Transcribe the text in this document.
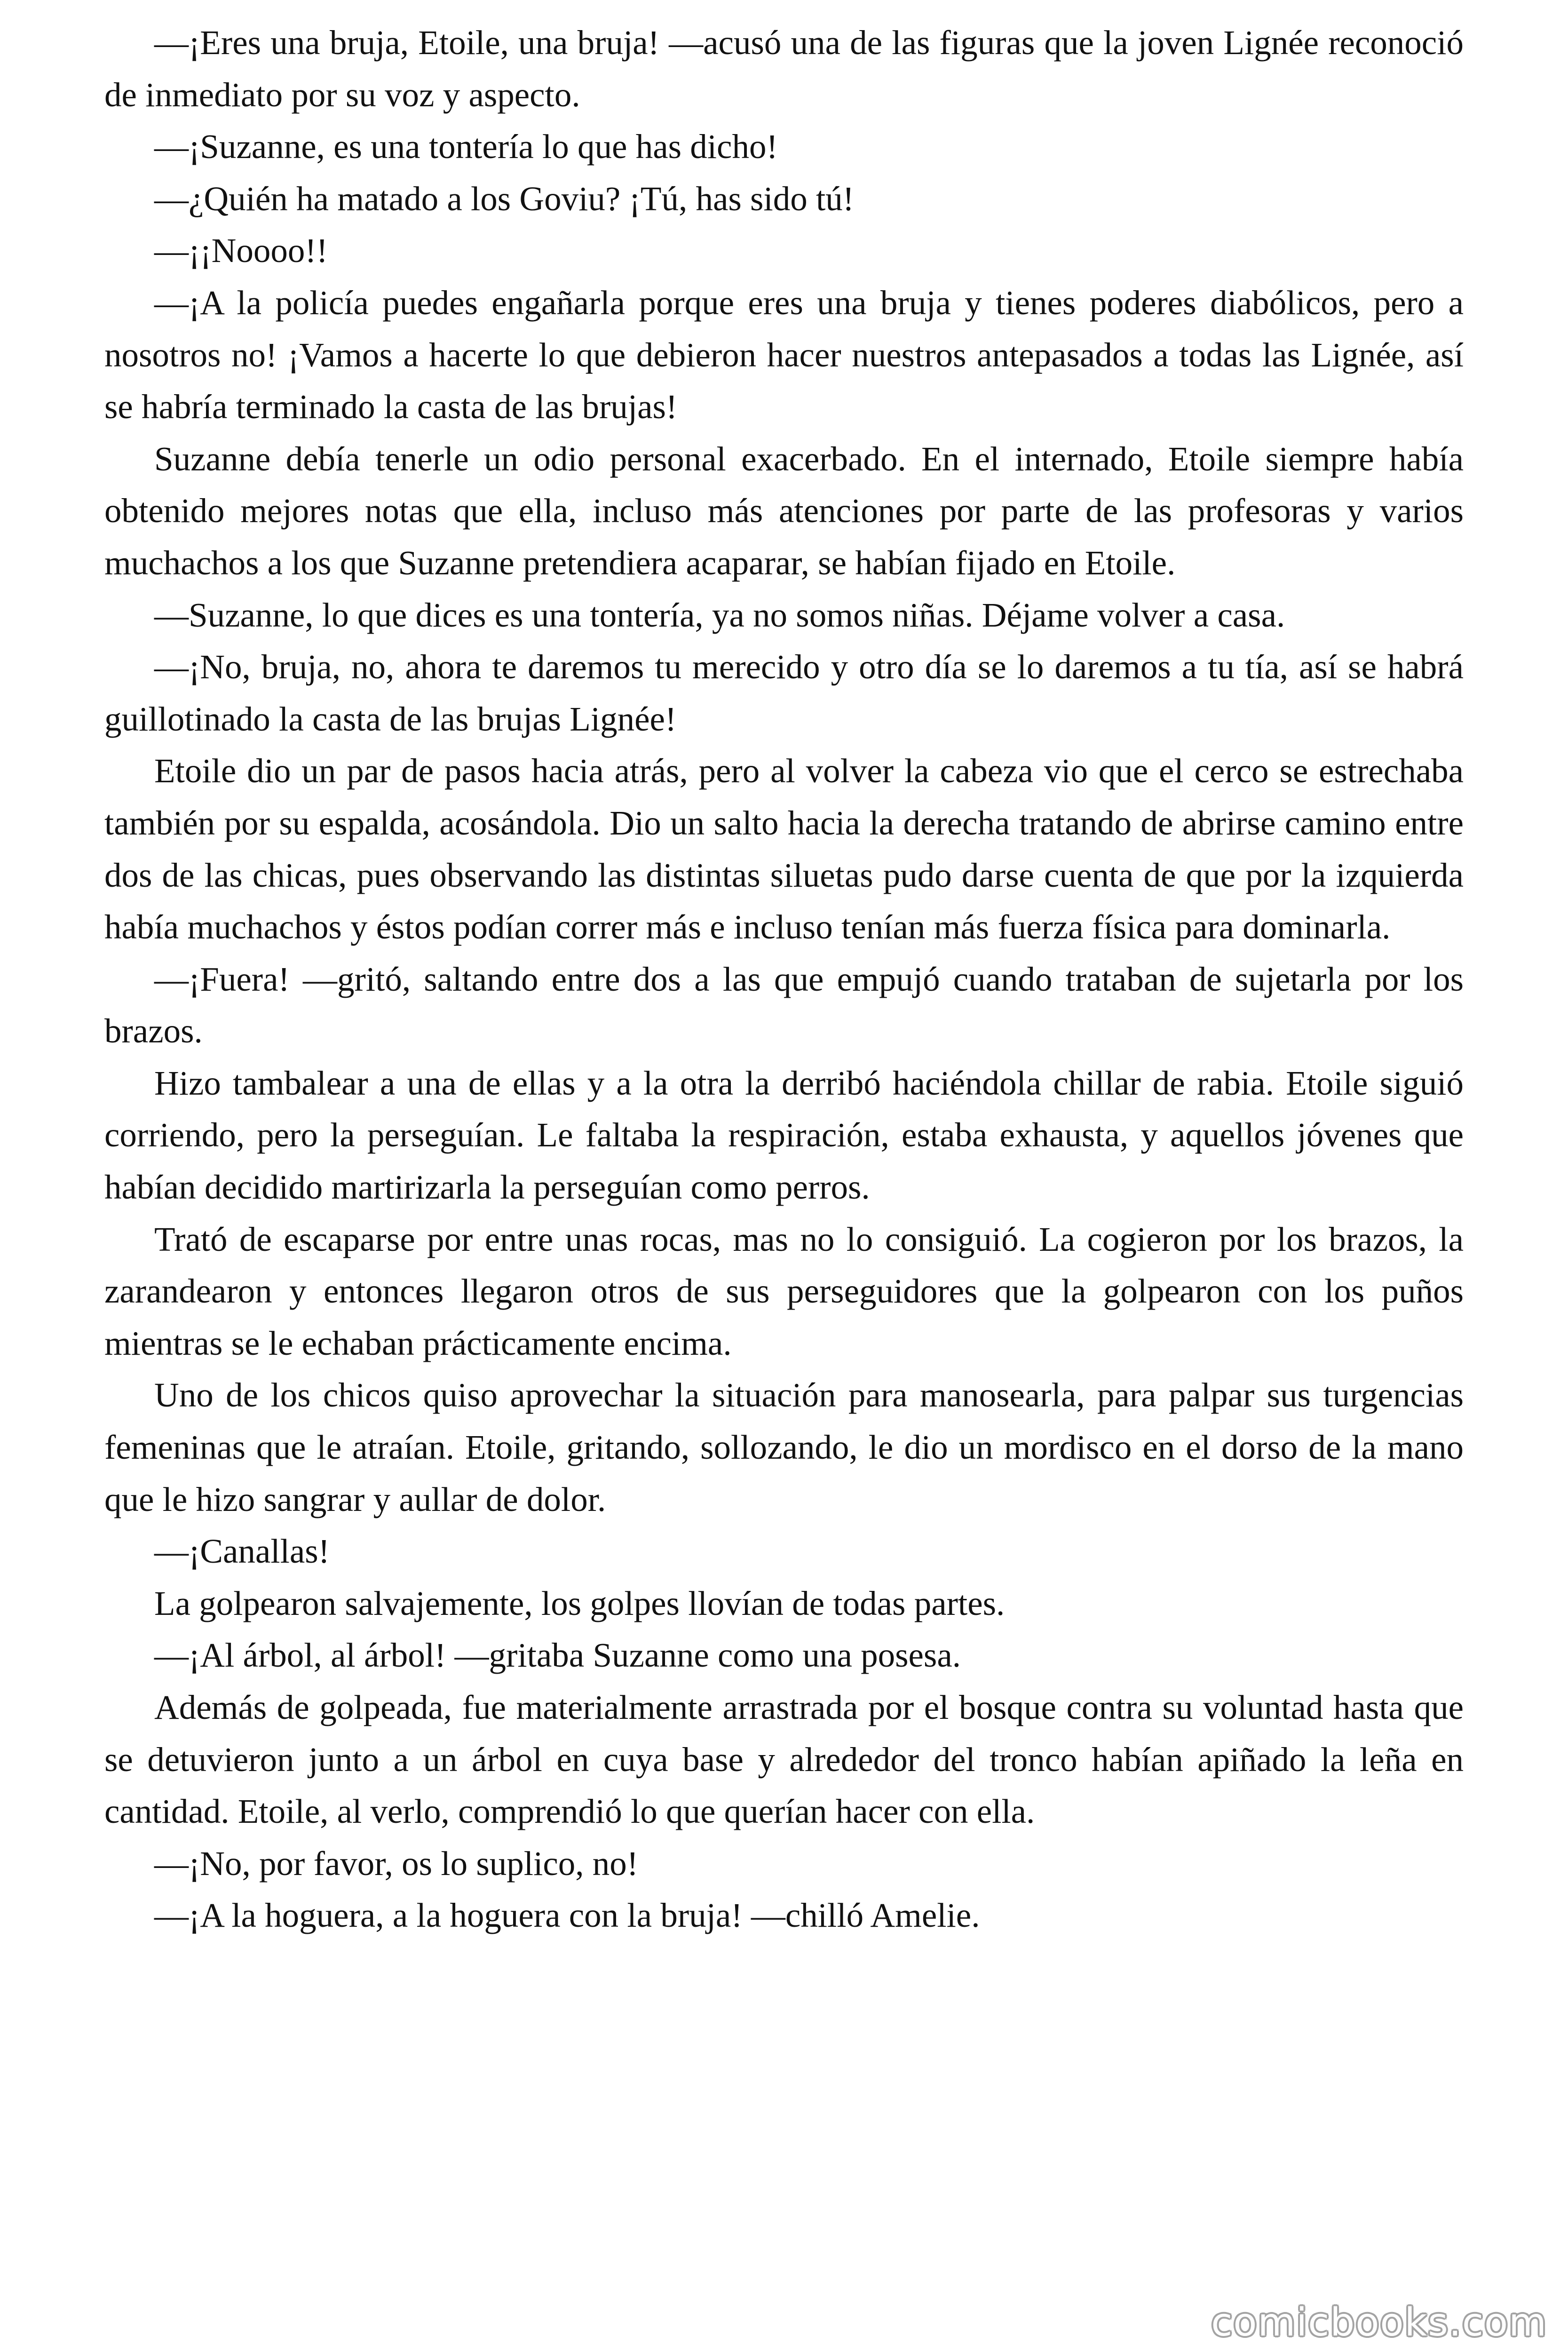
—¡Eres una bruja, Etoile, una bruja! —acusó una de las figuras que la joven Lignée reconoció de inmediato por su voz y aspecto.

—¡Suzanne, es una tontería lo que has dicho!

—¿Quién ha matado a los Goviu? ¡Tú, has sido tú!

—¡¡Noooo!!

—¡A la policía puedes engañarla porque eres una bruja y tienes poderes diabólicos, pero a nosotros no! ¡Vamos a hacerte lo que debieron hacer nuestros antepasados a todas las Lignée, así se habría terminado la casta de las brujas!

Suzanne debía tenerle un odio personal exacerbado. En el internado, Etoile siempre había obtenido mejores notas que ella, incluso más atenciones por parte de las profesoras y varios muchachos a los que Suzanne pretendiera acaparar, se habían fijado en Etoile.

—Suzanne, lo que dices es una tontería, ya no somos niñas. Déjame volver a casa.

—¡No, bruja, no, ahora te daremos tu merecido y otro día se lo daremos a tu tía, así se habrá guillotinado la casta de las brujas Lignée!

Etoile dio un par de pasos hacia atrás, pero al volver la cabeza vio que el cerco se estrechaba también por su espalda, acosándola. Dio un salto hacia la derecha tratando de abrirse camino entre dos de las chicas, pues observando las distintas siluetas pudo darse cuenta de que por la izquierda había muchachos y éstos podían correr más e incluso tenían más fuerza física para dominarla.

—¡Fuera! —gritó, saltando entre dos a las que empujó cuando trataban de sujetarla por los brazos.

Hizo tambalear a una de ellas y a la otra la derribó haciéndola chillar de rabia. Etoile siguió corriendo, pero la perseguían. Le faltaba la respiración, estaba exhausta, y aquellos jóvenes que habían decidido martirizarla la perseguían como perros.

Trató de escaparse por entre unas rocas, mas no lo consiguió. La cogieron por los brazos, la zarandearon y entonces llegaron otros de sus perseguidores que la golpearon con los puños mientras se le echaban prácticamente encima.

Uno de los chicos quiso aprovechar la situación para manosearla, para palpar sus turgencias femeninas que le atraían. Etoile, gritando, sollozando, le dio un mordisco en el dorso de la mano que le hizo sangrar y aullar de dolor.

—¡Canallas!

La golpearon salvajemente, los golpes llovían de todas partes.

—¡Al árbol, al árbol! —gritaba Suzanne como una posesa.

Además de golpeada, fue materialmente arrastrada por el bosque contra su voluntad hasta que se detuvieron junto a un árbol en cuya base y alrededor del tronco habían apiñado la leña en cantidad. Etoile, al verlo, comprendió lo que querían hacer con ella.

—¡No, por favor, os lo suplico, no!

—¡A la hoguera, a la hoguera con la bruja! —chilló Amelie.

comicbooks.com
